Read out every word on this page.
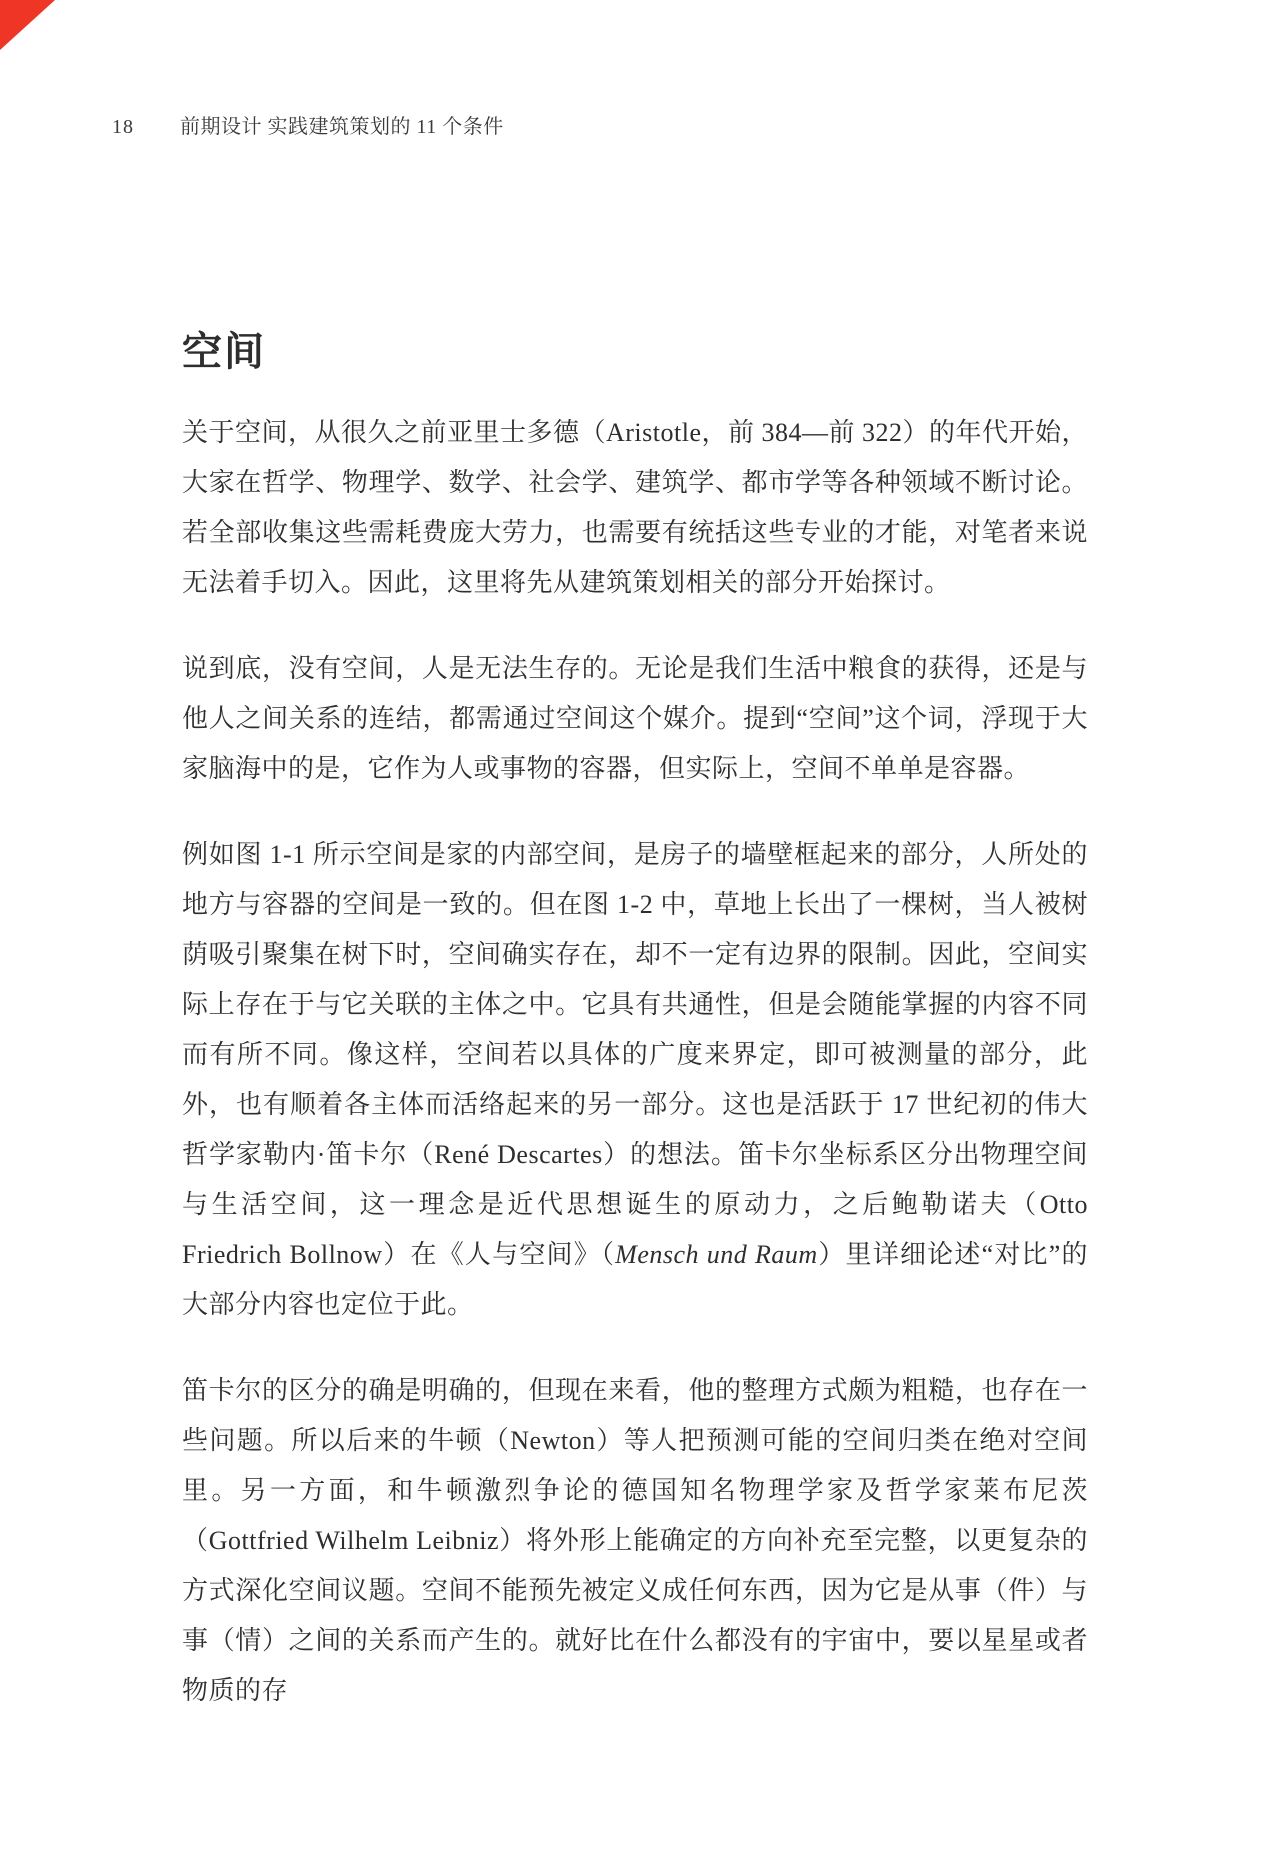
18 前期设计 实践建筑策划的 11 个条件
空间

关于空间，从很久之前亚里士多德（Aristotle，前 384—前 322）的年代开始，大家在哲学、物理学、数学、社会学、建筑学、都市学等各种领域不断讨论。若全部收集这些需耗费庞大劳力，也需要有统括这些专业的才能，对笔者来说无法着手切入。因此，这里将先从建筑策划相关的部分开始探讨。

说到底，没有空间，人是无法生存的。无论是我们生活中粮食的获得，还是与他人之间关系的连结，都需通过空间这个媒介。提到“空间”这个词，浮现于大家脑海中的是，它作为人或事物的容器，但实际上，空间不单单是容器。

例如图 1-1 所示空间是家的内部空间，是房子的墙壁框起来的部分，人所处的地方与容器的空间是一致的。但在图 1-2 中，草地上长出了一棵树，当人被树荫吸引聚集在树下时，空间确实存在，却不一定有边界的限制。因此，空间实际上存在于与它关联的主体之中。它具有共通性，但是会随能掌握的内容不同而有所不同。像这样，空间若以具体的广度来界定，即可被测量的部分，此外，也有顺着各主体而活络起来的另一部分。这也是活跃于 17 世纪初的伟大哲学家勒内·笛卡尔（René Descartes）的想法。笛卡尔坐标系区分出物理空间与生活空间，这一理念是近代思想诞生的原动力，之后鲍勒诺夫（Otto Friedrich Bollnow）在《人与空间》（Mensch und Raum）里详细论述“对比”的大部分内容也定位于此。

笛卡尔的区分的确是明确的，但现在来看，他的整理方式颇为粗糙，也存在一些问题。所以后来的牛顿（Newton）等人把预测可能的空间归类在绝对空间里。另一方面，和牛顿激烈争论的德国知名物理学家及哲学家莱布尼茨（Gottfried Wilhelm Leibniz）将外形上能确定的方向补充至完整，以更复杂的方式深化空间议题。空间不能预先被定义成任何东西，因为它是从事（件）与事（情）之间的关系而产生的。就好比在什么都没有的宇宙中，要以星星或者物质的存
